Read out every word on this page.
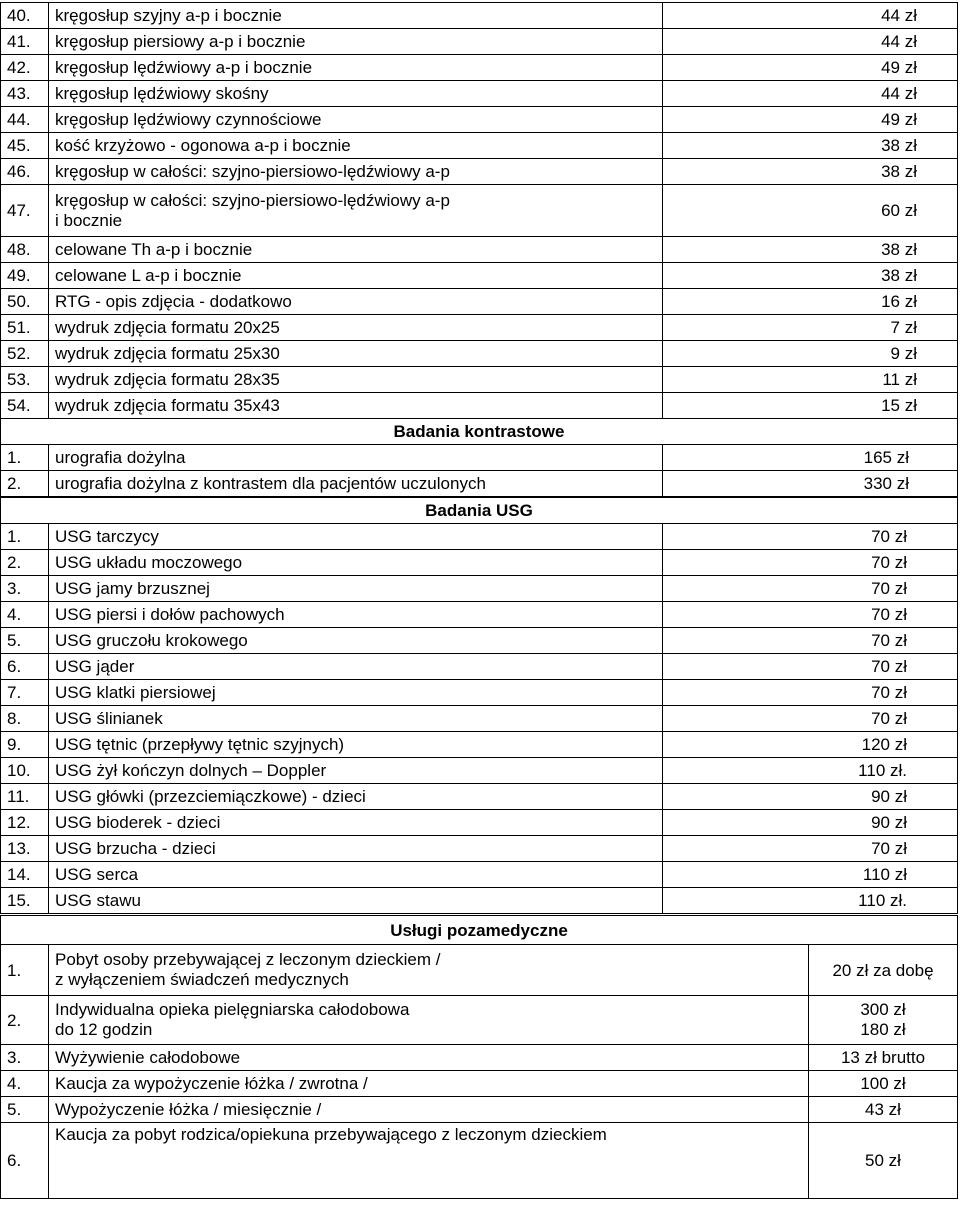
40.	kręgosłup szyjny a-p i bocznie	44 zł
41.	kręgosłup piersiowy a-p i bocznie	44 zł
42.	kręgosłup lędźwiowy a-p i bocznie	49 zł
43.	kręgosłup lędźwiowy skośny	44 zł
44.	kręgosłup lędźwiowy czynnościowe	49 zł
45.	kość krzyżowo - ogonowa a-p i bocznie	38 zł
46.	kręgosłup w całości: szyjno-piersiowo-lędźwiowy a-p	38 zł
47.	kręgosłup w całości: szyjno-piersiowo-lędźwiowy a-p
i bocznie	60 zł
48.	celowane Th a-p i bocznie	38 zł
49.	celowane L a-p i bocznie	38 zł
50.	RTG - opis zdjęcia - dodatkowo	16 zł
51.	wydruk zdjęcia formatu 20x25	7 zł
52.	wydruk zdjęcia formatu 25x30	9 zł
53.	wydruk zdjęcia formatu 28x35	11 zł
54.	wydruk zdjęcia formatu 35x43	15 zł
Badania kontrastowe		
1.	urografia dożylna	165 zł
2.	urografia dożylna z kontrastem dla pacjentów uczulonych	330 zł
Badania USG		
1.	USG tarczycy	70 zł
2.	USG układu moczowego	70 zł
3.	USG jamy brzusznej	70 zł
4.	USG piersi i dołów pachowych	70 zł
5.	USG gruczołu krokowego	70 zł
6.	USG jąder	70 zł
7.	USG klatki piersiowej	70 zł
8.	USG ślinianek	70 zł
9.	USG tętnic (przepływy tętnic szyjnych)	120 zł
10.	USG żył kończyn dolnych – Doppler	110 zł.
11.	USG główki (przezciemiączkowe) - dzieci	90 zł
12.	USG bioderek - dzieci	90 zł
13.	USG brzucha - dzieci	70 zł
14.	USG serca	110 zł
15.	USG stawu	110 zł.
Usługi pozamedyczne		
1.	Pobyt osoby przebywającej z leczonym dzieckiem /
z wyłączeniem świadczeń medycznych	20 zł za dobę
2.	Indywidualna opieka pielęgniarska całodobowa
do 12 godzin	300 zł
180 zł

3.	Wyżywienie całodobowe	13 zł brutto
4.	Kaucja za wypożyczenie łóżka / zwrotna /	100 zł
5.	Wypożyczenie łóżka / miesięcznie /	43 zł
6.	Kaucja za pobyt rodzica/opiekuna przebywającego z leczonym dzieckiem	50 zł
